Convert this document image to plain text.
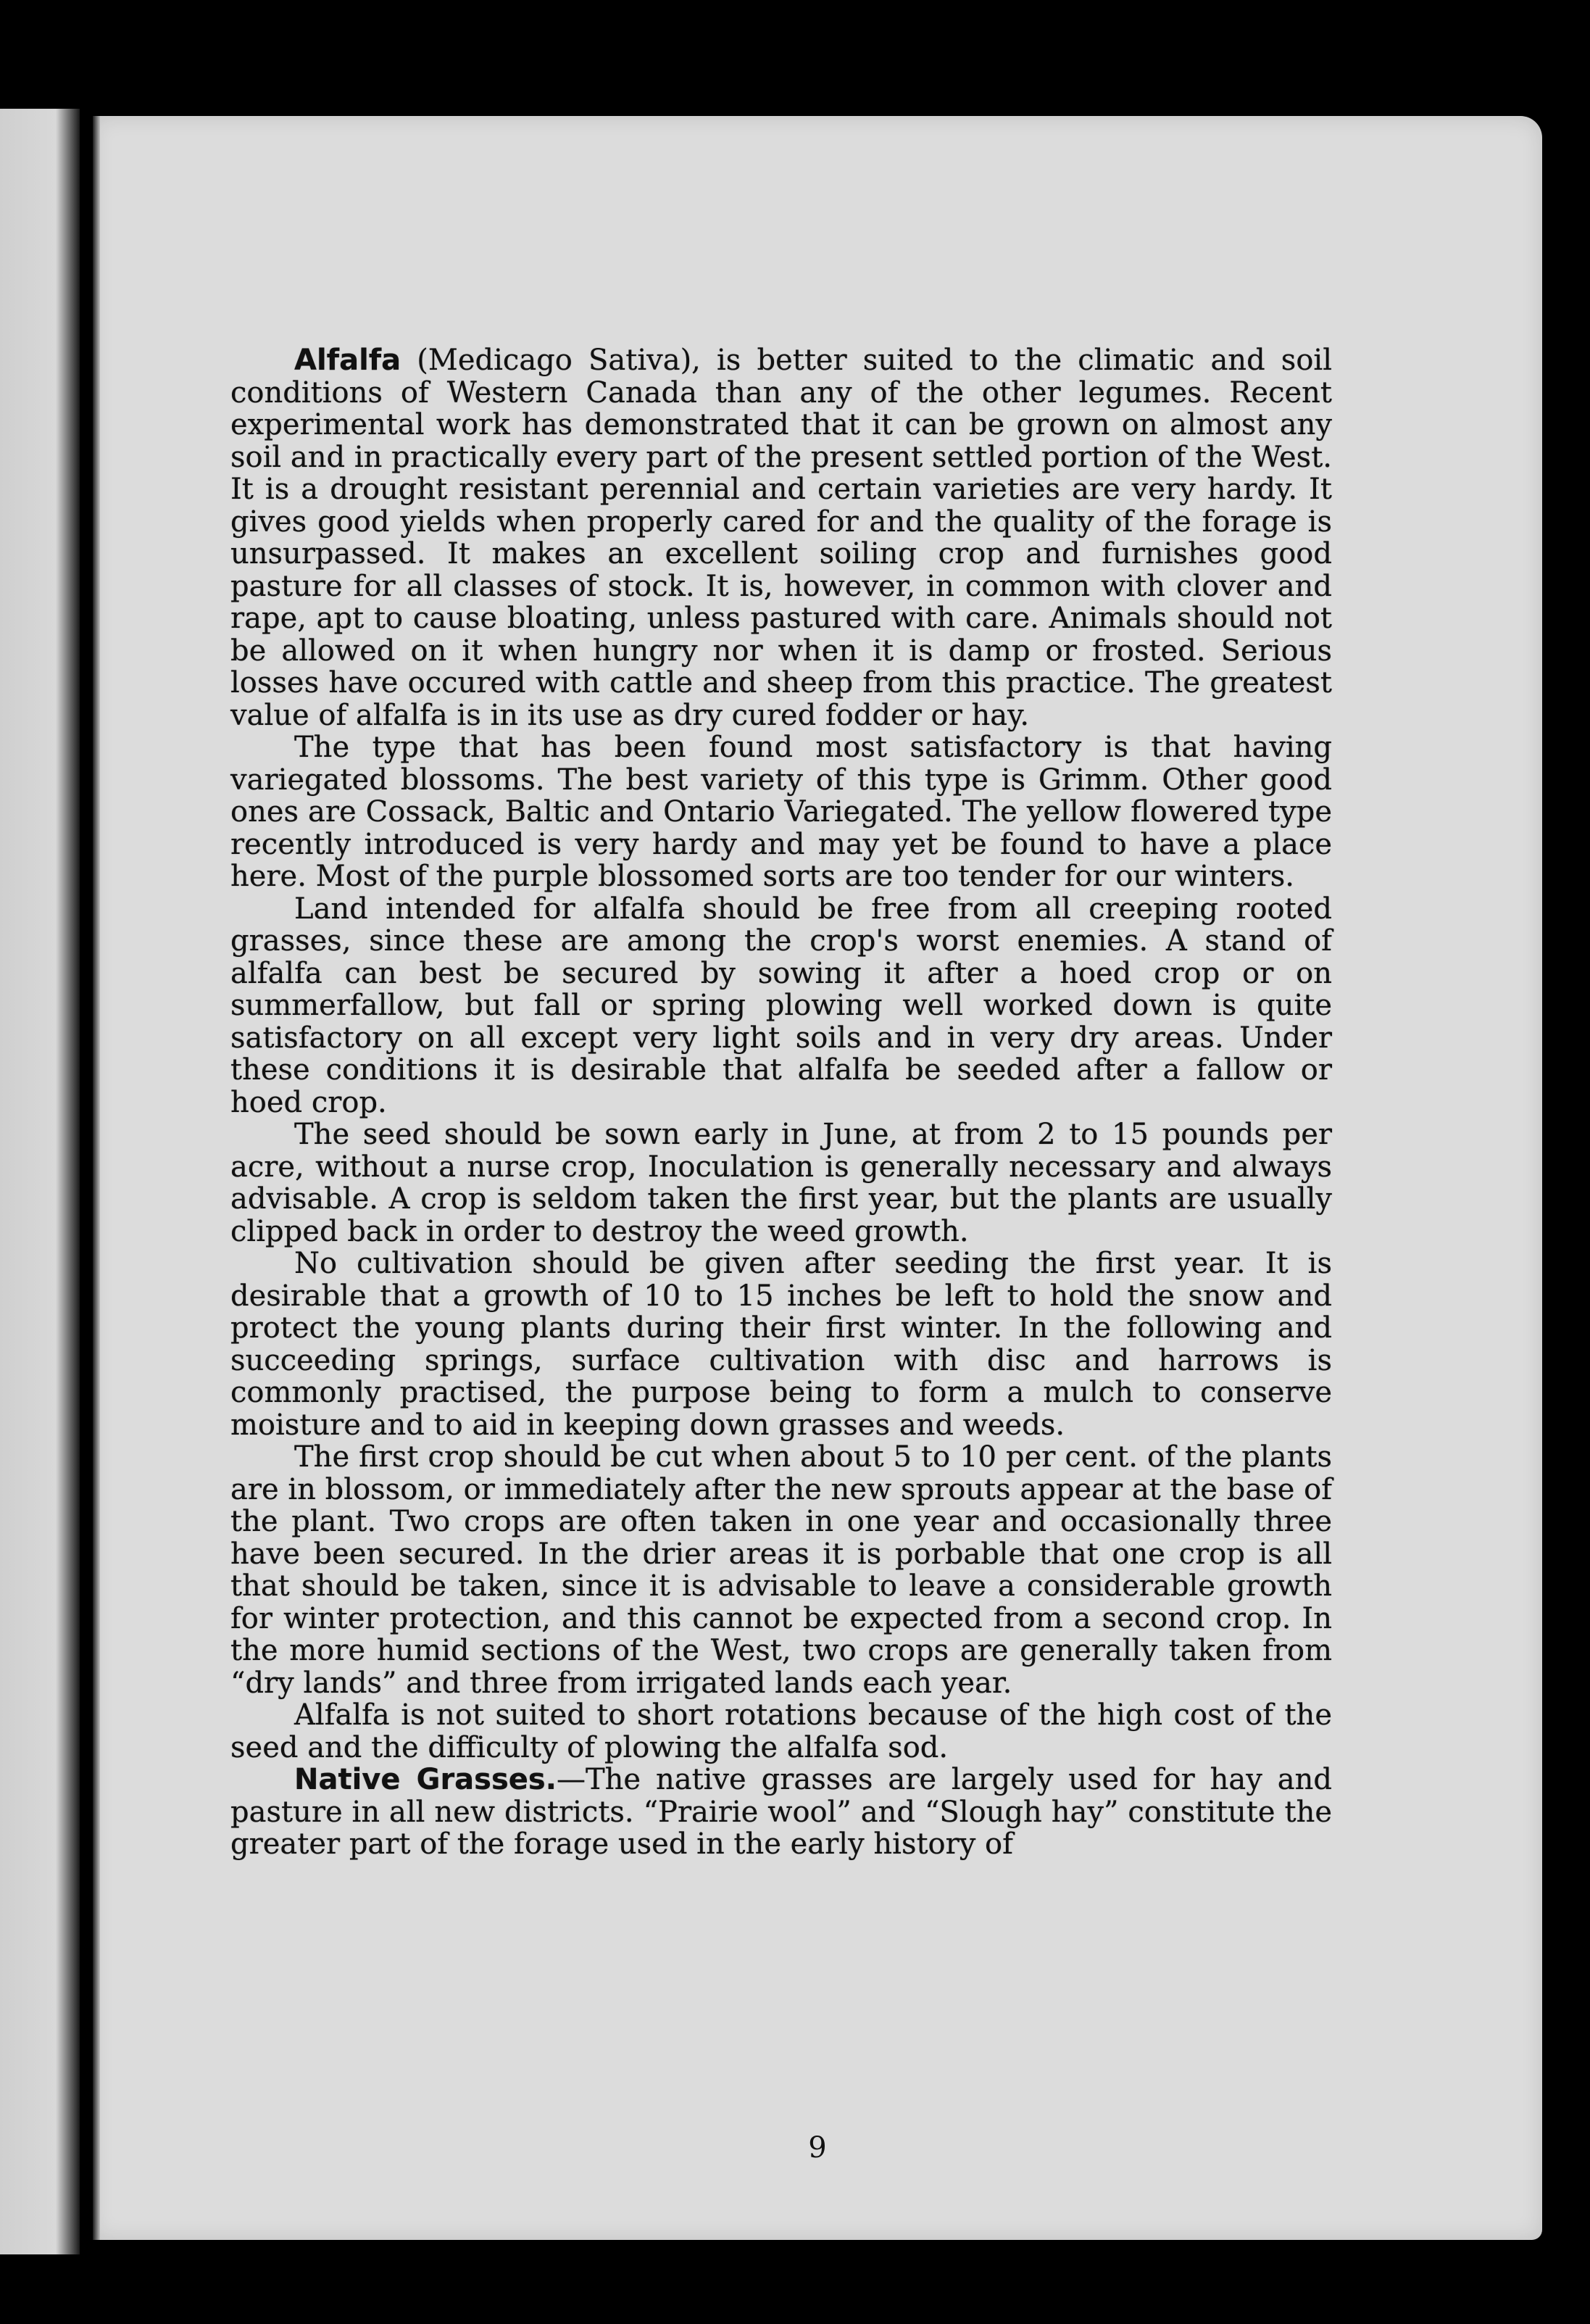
Alfalfa (Medicago Sativa), is better suited to the climatic and soil conditions of Western Canada than any of the other legumes. Recent experimental work has demonstrated that it can be grown on almost any soil and in practically every part of the present settled portion of the West. It is a drought resistant perennial and certain varieties are very hardy. It gives good yields when properly cared for and the quality of the forage is unsurpassed. It makes an excellent soiling crop and furnishes good pasture for all classes of stock. It is, however, in common with clover and rape, apt to cause bloating, unless pastured with care. Animals should not be allowed on it when hungry nor when it is damp or frosted. Serious losses have occured with cattle and sheep from this practice. The greatest value of alfalfa is in its use as dry cured fodder or hay.

The type that has been found most satisfactory is that having variegated blossoms. The best variety of this type is Grimm. Other good ones are Cossack, Baltic and Ontario Variegated. The yellow flowered type recently introduced is very hardy and may yet be found to have a place here. Most of the purple blossomed sorts are too tender for our winters.

Land intended for alfalfa should be free from all creeping rooted grasses, since these are among the crop's worst enemies. A stand of alfalfa can best be secured by sowing it after a hoed crop or on summerfallow, but fall or spring plowing well worked down is quite satisfactory on all except very light soils and in very dry areas. Under these conditions it is desirable that alfalfa be seeded after a fallow or hoed crop.

The seed should be sown early in June, at from 2 to 15 pounds per acre, without a nurse crop, Inoculation is generally necessary and always advisable. A crop is seldom taken the first year, but the plants are usually clipped back in order to destroy the weed growth.

No cultivation should be given after seeding the first year. It is desirable that a growth of 10 to 15 inches be left to hold the snow and protect the young plants during their first winter. In the following and succeeding springs, surface cultivation with disc and harrows is commonly practised, the purpose being to form a mulch to conserve moisture and to aid in keeping down grasses and weeds.

The first crop should be cut when about 5 to 10 per cent. of the plants are in blossom, or immediately after the new sprouts appear at the base of the plant. Two crops are often taken in one year and occasionally three have been secured. In the drier areas it is porbable that one crop is all that should be taken, since it is advisable to leave a considerable growth for winter protection, and this cannot be expected from a second crop. In the more humid sections of the West, two crops are generally taken from “dry lands” and three from irrigated lands each year.

Alfalfa is not suited to short rotations because of the high cost of the seed and the difficulty of plowing the alfalfa sod.

Native Grasses.—The native grasses are largely used for hay and pasture in all new districts. “Prairie wool” and “Slough hay” constitute the greater part of the forage used in the early history of

9
